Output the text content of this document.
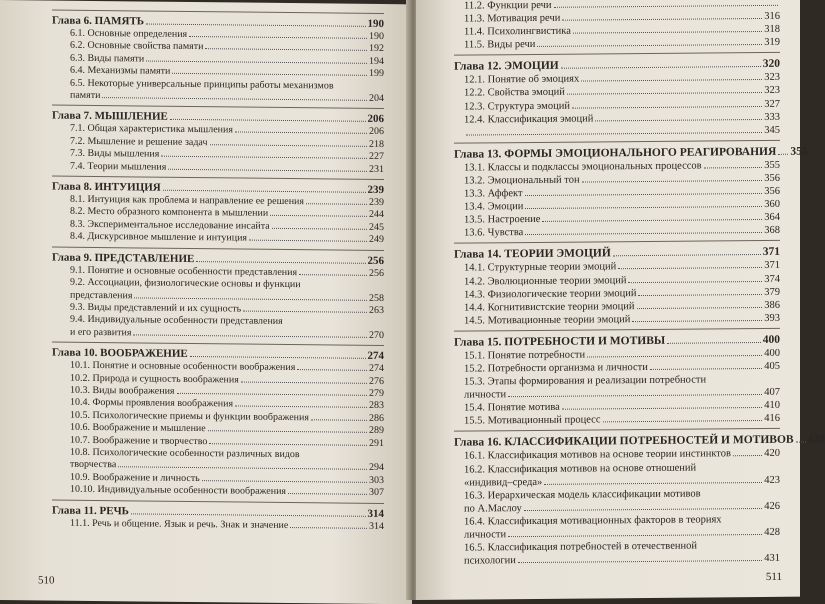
Глава 6. ПАМЯТЬ	190
6.1. Основные определения	190
6.2. Основные свойства памяти	192
6.3. Виды памяти	194
6.4. Механизмы памяти	199
6.5. Некоторые универсальные принципы работы механизмов
памяти	204
Глава 7. МЫШЛЕНИЕ	206
7.1. Общая характеристика мышления	206
7.2. Мышление и решение задач	218
7.3. Виды мышления	227
7.4. Теории мышления	231
Глава 8. ИНТУИЦИЯ	239
8.1. Интуиция как проблема и направление ее решения	239
8.2. Место образного компонента в мышлении	244
8.3. Экспериментальное исследование инсайта	245
8.4. Дискурсивное мышление и интуиция	249
Глава 9. ПРЕДСТАВЛЕНИЕ	256
9.1. Понятие и основные особенности представления	256
9.2. Ассоциации, физиологические основы и функции
представления	258
9.3. Виды представлений и их сущность	263
9.4. Индивидуальные особенности представления
и его развития	270
Глава 10. ВООБРАЖЕНИЕ	274
10.1. Понятие и основные особенности воображения	274
10.2. Природа и сущность воображения	276
10.3. Виды воображения	279
10.4. Формы проявления воображения	283
10.5. Психологические приемы и функции воображения	286
10.6. Воображение и мышление	289
10.7. Воображение и творчество	291
10.8. Психологические особенности различных видов
творчества	294
10.9. Воображение и личность	303
10.10. Индивидуальные особенности воображения	307
Глава 11. РЕЧЬ	314
11.1. Речь и общение. Язык и речь. Знак и значение	314
510
11.2. Функции речи
11.3. Мотивация речи	316
11.4. Психолингвистика	318
11.5. Виды речи	319
Глава 12. ЭМОЦИИ	320
12.1. Понятие об эмоциях	323
12.2. Свойства эмоций	323
12.3. Структура эмоций	327
12.4. Классификация эмоций	333
345
Глава 13. ФОРМЫ ЭМОЦИОНАЛЬНОГО РЕАГИРОВАНИЯ 355
13.1. Классы и подклассы эмоциональных процессов	355
13.2. Эмоциональный тон	356
13.3. Аффект	356
13.4. Эмоции	360
13.5. Настроение	364
13.6. Чувства	368
Глава 14. ТЕОРИИ ЭМОЦИЙ	371
14.1. Структурные теории эмоций	371
14.2. Эволюционные теории эмоций	374
14.3. Физиологические теории эмоций	379
14.4. Когнитивистские теории эмоций	386
14.5. Мотивационные теории эмоций	393
Глава 15. ПОТРЕБНОСТИ И МОТИВЫ	400
15.1. Понятие потребности	400
15.2. Потребности организма и личности	405
15.3. Этапы формирования и реализации потребности
личности	407
15.4. Понятие мотива	410
15.5. Мотивационный процесс	416
Глава 16. КЛАССИФИКАЦИИ ПОТРЕБНОСТЕЙ И МОТИВОВ 420
16.1. Классификация мотивов на основе теории инстинктов	420
16.2. Классификация мотивов на основе отношений
«индивид–среда»	423
16.3. Иерархическая модель классификации мотивов
по А.Маслоу	426
16.4. Классификация мотивационных факторов в теориях
личности	428
16.5. Классификация потребностей в отечественной
психологии	431
511
